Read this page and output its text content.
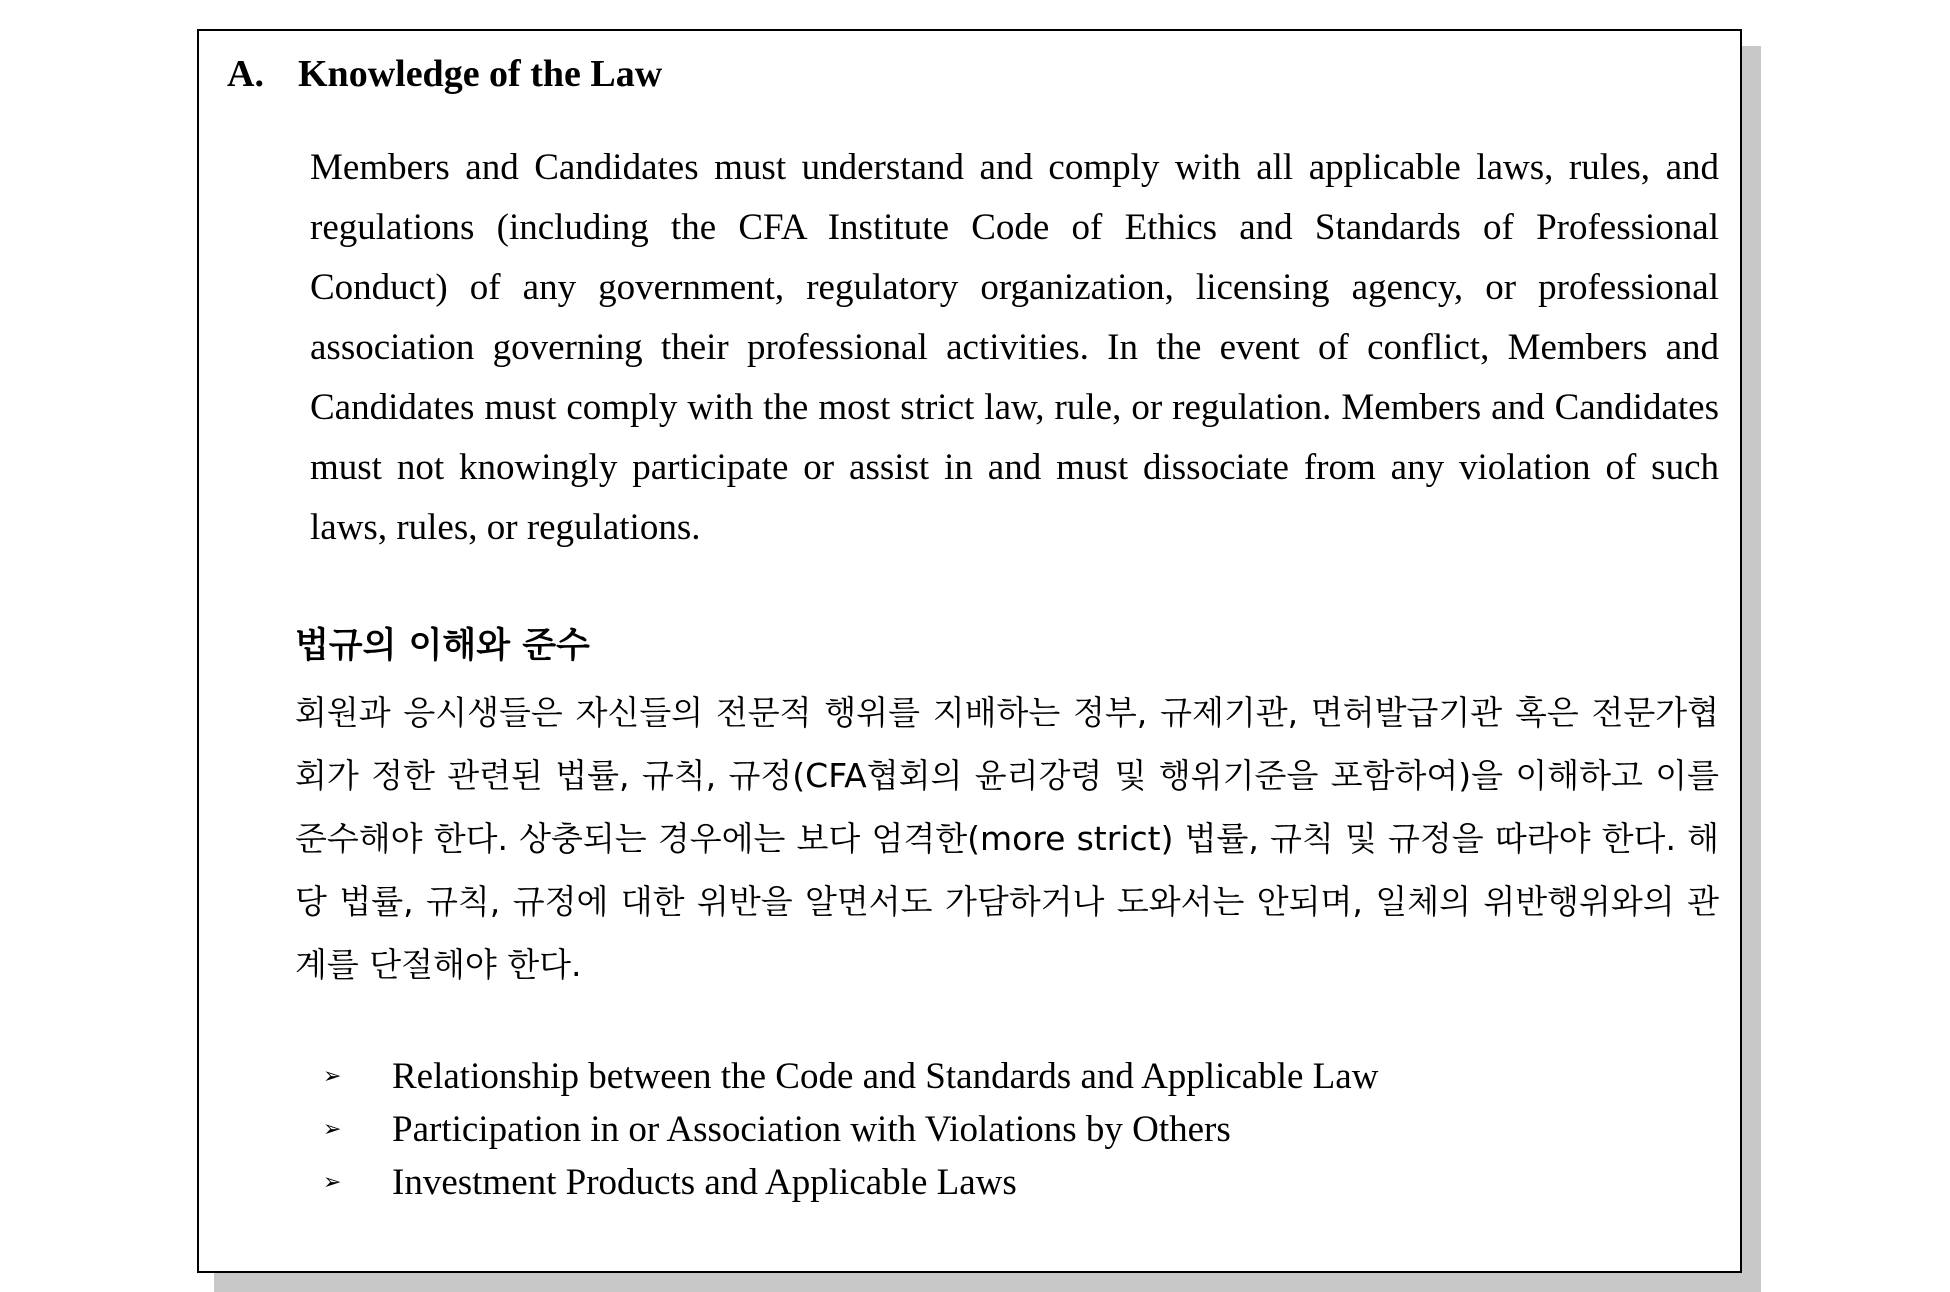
A. Knowledge of the Law
Members and Candidates must understand and comply with all applicable laws, rules, and regulations (including the CFA Institute Code of Ethics and Standards of Professional Conduct) of any government, regulatory organization, licensing agency, or professional association governing their professional activities. In the event of conflict, Members and Candidates must comply with the most strict law, rule, or regulation. Members and Candidates must not knowingly participate or assist in and must dissociate from any violation of such laws, rules, or regulations.
법규의 이해와 준수
회원과 응시생들은 자신들의 전문적 행위를 지배하는 정부, 규제기관, 면허발급기관 혹은 전문가협회가 정한 관련된 법률, 규칙, 규정(CFA협회의 윤리강령 및 행위기준을 포함하여)을 이해하고 이를 준수해야 한다. 상충되는 경우에는 보다 엄격한(more strict) 법률, 규칙 및 규정을 따라야 한다. 해당 법률, 규칙, 규정에 대한 위반을 알면서도 가담하거나 도와서는 안되며, 일체의 위반행위와의 관계를 단절해야 한다.
➢	Relationship between the Code and Standards and Applicable Law
➢	Participation in or Association with Violations by Others
➢	Investment Products and Applicable Laws
